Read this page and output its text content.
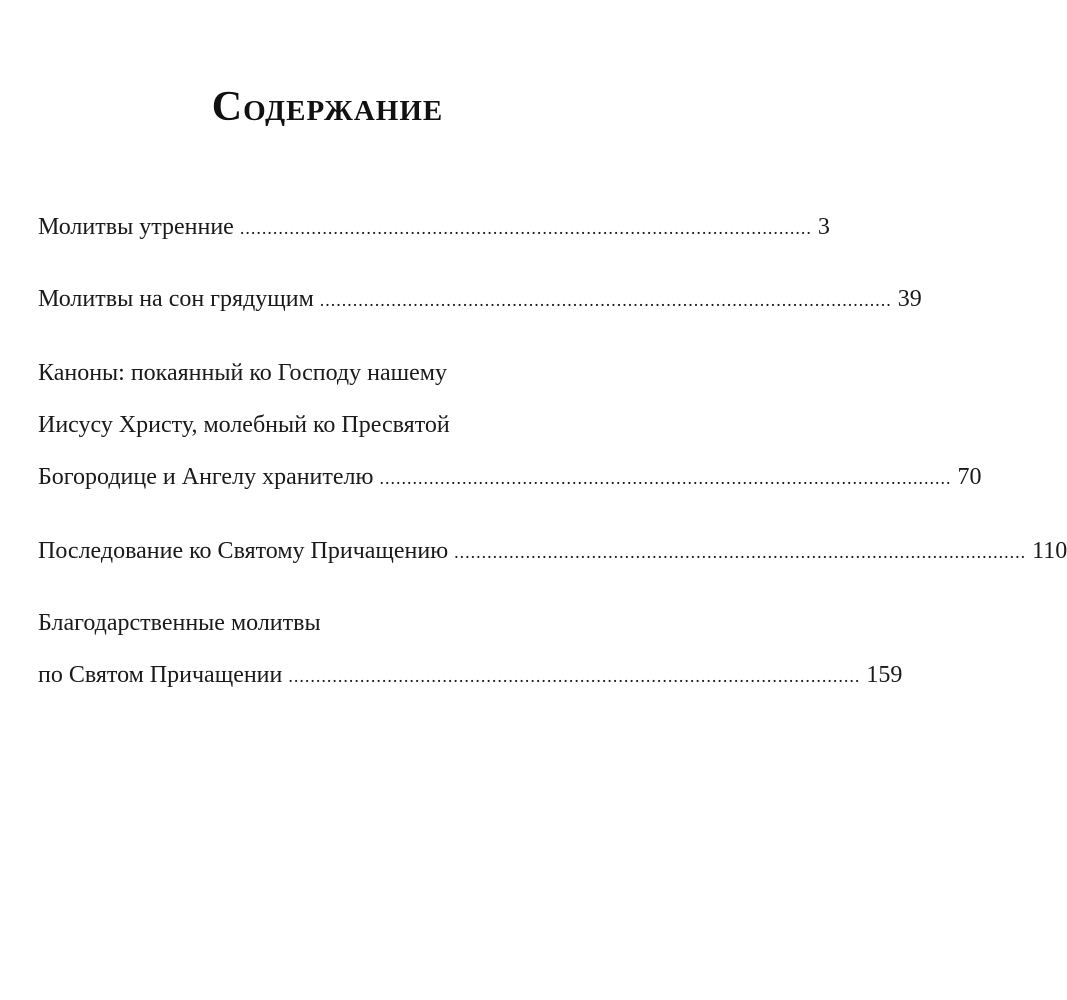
Содержание
Молитвы утренние ........................................................................................................ 3
Молитвы на сон грядущим ........................................................................................................ 39
Каноны: покаянный ко Господу нашему
Иисусу Христу, молебный ко Пресвятой
Богородице и Ангелу хранителю ........................................................................................................ 70
Последование ко Святому Причащению ........................................................................................................ 110
Благодарственные молитвы
по Святом Причащении ........................................................................................................ 159
